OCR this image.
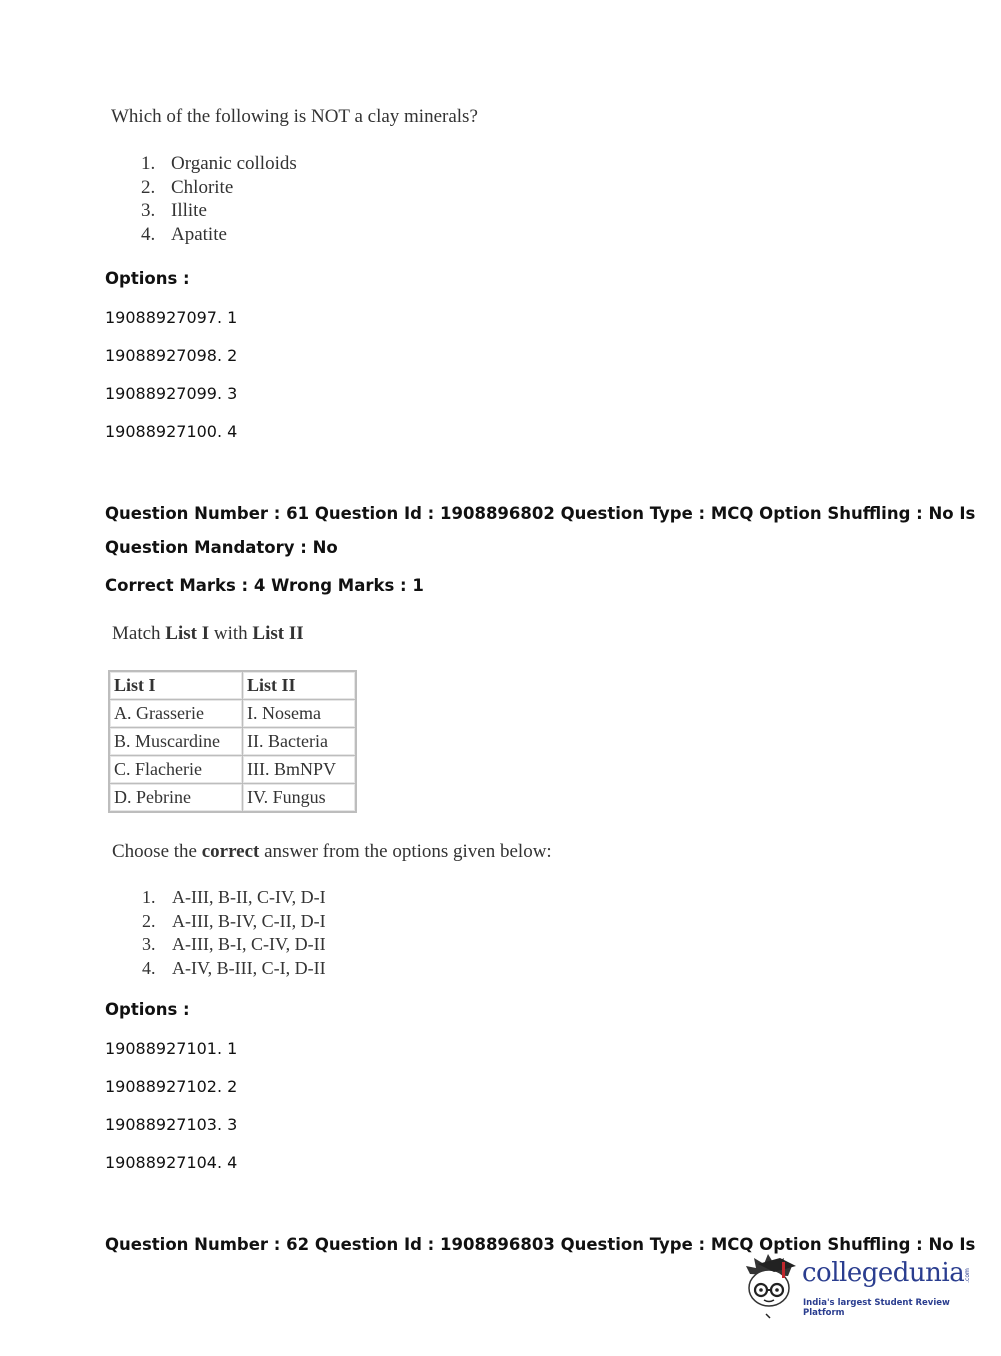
Which of the following is NOT a clay minerals?
1. Organic colloids
2. Chlorite
3. Illite
4. Apatite
Options :
19088927097. 1
19088927098. 2
19088927099. 3
19088927100. 4
Question Number : 61 Question Id : 1908896802 Question Type : MCQ Option Shuffling : No Is
Question Mandatory : No
Correct Marks : 4 Wrong Marks : 1
Match List I with List II
List I	List II
A. Grasserie	I. Nosema
B. Muscardine	II. Bacteria
C. Flacherie	III. BmNPV
D. Pebrine	IV. Fungus
Choose the correct answer from the options given below:
1. A-III, B-II, C-IV, D-I
2. A-III, B-IV, C-II, D-I
3. A-III, B-I, C-IV, D-II
4. A-IV, B-III, C-I, D-II
Options :
19088927101. 1
19088927102. 2
19088927103. 3
19088927104. 4
Question Number : 62 Question Id : 1908896803 Question Type : MCQ Option Shuffling : No Is
collegedunia .com
India's largest Student Review Platform
